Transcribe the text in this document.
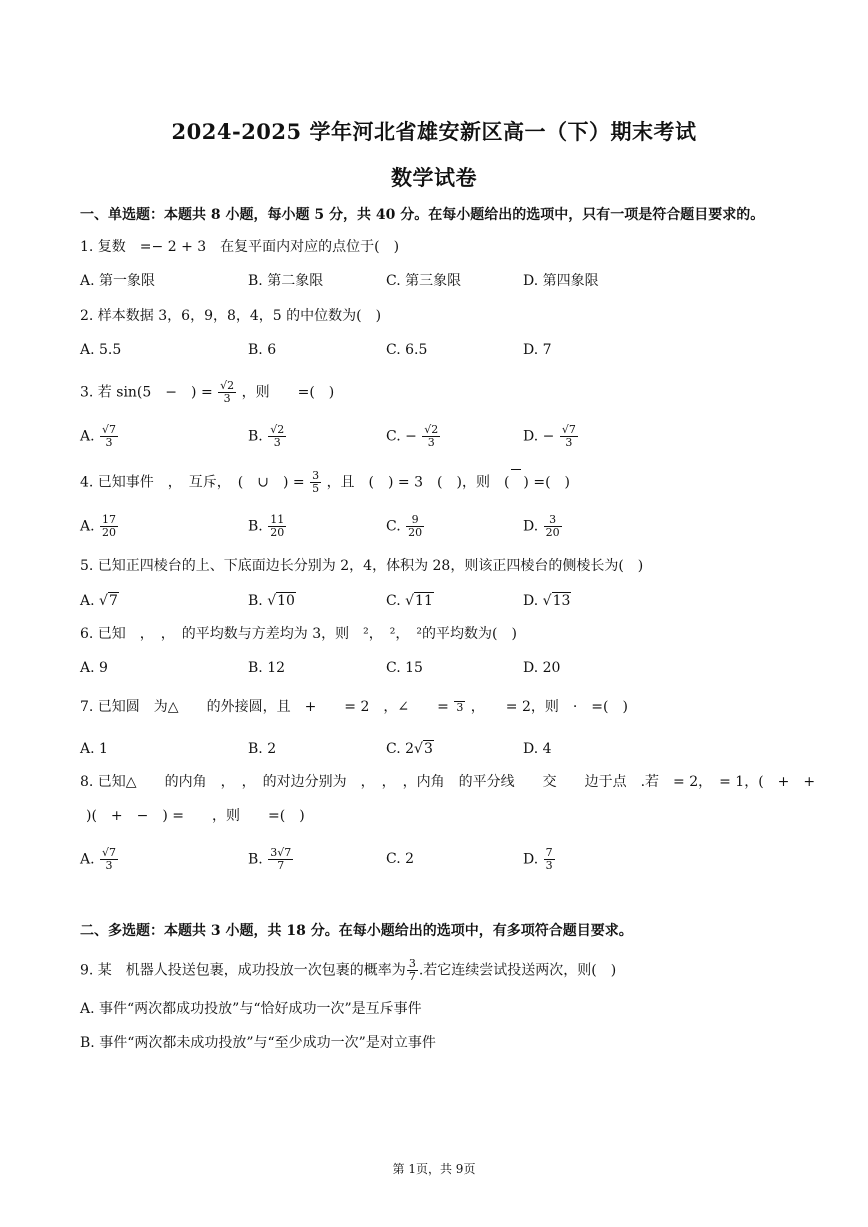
2024-2025 学年河北省雄安新区高一（下）期末考试
数学试卷
一、单选题：本题共 8 小题，每小题 5 分，共 40 分。在每小题给出的选项中，只有一项是符合题目要求的。
1. 复数　=− 2 + 3　在复平面内对应的点位于(　)
A. 第一象限	B. 第二象限	C. 第三象限	D. 第四象限
2. 样本数据 3，6，9，8，4，5 的中位数为(　)
A. 5.5	B. 6	C. 6.5	D. 7
3. 若 sin(5　−　) = $\frac{√2}{3}$ ，则　　=(　)
A. $\frac{√7}{3}$	B. $\frac{√2}{3}$	C. − $\frac{√2}{3}$	D. − $\frac{√7}{3}$
4. 已知事件　，　互斥，　(　∪　) = $\frac{3}{5}$ ，且　(　) = 3　(　)，则　(  ) =(　)
A. $\frac{17}{20}$	B. $\frac{11}{20}$	C. $\frac{9}{20}$	D. $\frac{3}{20}$
5. 已知正四棱台的上、下底面边长分别为 2，4，体积为 28，则该正四棱台的侧棱长为(　)
A. √7	B. √10	C. √11	D. √13
6. 已知　，　，　的平均数与方差均为 3，则　²，　²，　²的平均数为(　)
A. 9	B. 12	C. 15	D. 20
7. 已知圆　为△　　的外接圆，且　+　　= 2　，∠　　= 3 ，　　= 2，则　·　=(　)
A. 1	B. 2	C. 2√3	D. 4
8. 已知△　　的内角　，　，　的对边分别为　，　，　，内角　的平分线　　交　　边于点　.若　= 2，　= 1，(　+　+
)(　+　−　) =　　，则　　=(　)
A. $\frac{√7}{3}$	B. $\frac{3√7}{7}$	C. 2	D. $\frac{7}{3}$
二、多选题：本题共 3 小题，共 18 分。在每小题给出的选项中，有多项符合题目要求。
9. 某　机器人投送包裹，成功投放一次包裹的概率为 $\frac{3}{7}$ .若它连续尝试投送两次，则(　)
A. 事件“两次都成功投放”与“恰好成功一次”是互斥事件
B. 事件“两次都未成功投放”与“至少成功一次”是对立事件
第 1页，共 9页
